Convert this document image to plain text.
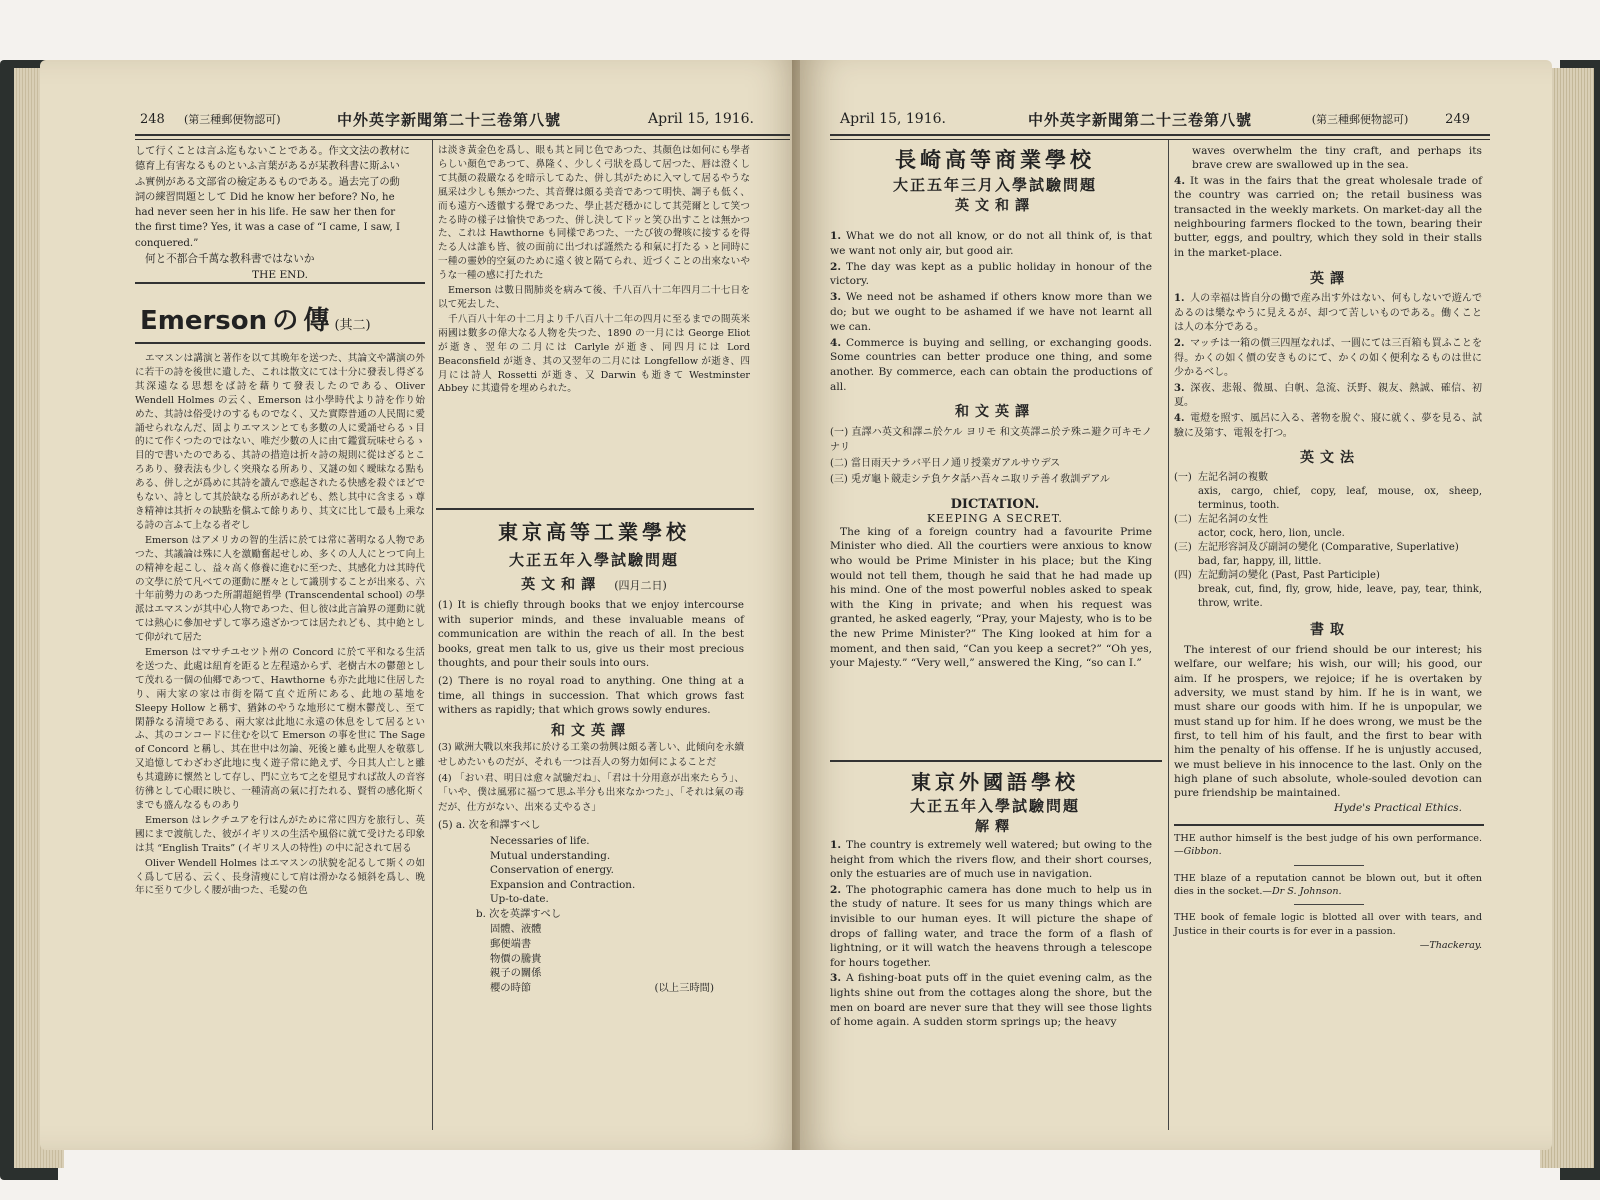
248	(第三種郵便物認可)	中外英字新聞第二十三卷第八號	April 15, 1916.

して行くことは言ふ迄もないことである。作文文法の教材に
德育上有害なるものといふ言葉があるが某教科書に斯ふい
ふ實例がある文部省の檢定あるものである。過去完了の動
詞の練習問題として Did he know her before? No, he
had never seen her in his life. He saw her then for
the first time? Yes, it was a case of “I came, I saw, I
conquered.”

何と不都合千萬な教科書ではないか

THE END.

Emerson の 傳 (其二)

エマスンは講演と著作を以て其晩年を送つた、其論文や講演の外に若干の詩を後世に遺した、これは散文にては十分に發表し得ざる其深遠なる思想をば詩を藉りて發表したのである、Oliver Wendell Holmes の云く、Emerson は小學時代より詩を作り始めた、其詩は俗受けのするものでなく、又た實際普通の人民間に愛誦せられなんだ、固よりエマスンとても多數の人に愛誦せらるゝ目的にて作くつたのではない、唯だ少數の人に由て鑑賞玩味せらるゝ目的で書いたのである、其詩の措造は折々詩の規則に從はざるところあり、發表法も少しく突飛なる所あり、又謎の如く曖昧なる點もある、併し之が爲めに其詩を讀んで惑起されたる快感を殺ぐほどでもない、詩として其於缺なる所があれども、然し其中に含まるゝ尊き精神は其折々の缺點を償ふて餘りあり、其文に比して最も上乘なる詩の言ふて上なる者ぞし

Emerson はアメリカの智的生活に於ては常に著明なる人物であつた、其議論は殊に人を激勵奮起せしめ、多くの人人にとつて向上の精神を起こし、益々高く修養に進むに至つた、其感化力は其時代の文學に於て凡べての運動に歷々として識別することが出來る、六十年前勢力のあつた所謂超絕哲學 (Transcendental school) の學派はエマスンが其中心人物であつた、但し彼は此言論界の運動に就ては熱心に參加せずして寧ろ遠ざかつては居たれども、其中絶として仰がれて居た

Emerson はマサチユセツト州の Concord に於て平和なる生活を送つた、此處は紐育を距ると左程遠からず、老樹古木の鬱憩として茂れる一個の仙郷であつて、Hawthorne も亦た此地に住居したり、兩大家の家は市街を隔て直ぐ近所にある、此地の墓地を Sleepy Hollow と稱す、猶鉢のやうな地形にて樹木鬱茂し、至て閑靜なる清境である、兩大家は此地に永遠の休息をして居るといふ、其のコンコードに住むを以て Emerson の事を世に The Sage of Concord と稱し、其在世中は勿論、死後と雖も此聖人を敬慕し又追憶してわざわざ此地に曳く遊子常に絶えず、今日其人亡しと雖も其遺跡に懷然として存し、門に立ちて之を望見すれば故人の音容彷彿として心眼に映じ、一種清高の氣に打たれる、賢哲の感化斯くまでも盛んなるものあり

Emerson はレクチユアを行はんがために常に四方を旅行し、英國にまで渡航した、彼がイギリスの生活や風俗に就て受けたる印象は其 “English Traits” (イギリス人の特性) の中に記されて居る

Oliver Wendell Holmes はエマスンの狀貌を記るして斯くの如く爲して居る、云く、長身清瘦にして肩は滑かなる傾斜を爲し、晚年に至りて少しく腰が曲つた、毛髮の色

は淡き黃金色を爲し、眼も其と同じ色であつた、其顏色は如何にも學者らしい顏色であつて、鼻隆く、少しく弓狀を爲して居つた、唇は澄くして其顏の殺嚴なるを暗示してゐた、併し其がために入マして居るやうな風采は少しも無かつた、其音聲は頗る美音であつて明快、調子も低く、而も遠方へ透徹する聲であつた、學止甚だ穩かにして其莞爾として笑つたる時の樣子は愉快であつた、併し決してドッと笑ひ出すことは無かつた、これは Hawthorne も同樣であつた、一たび彼の聲咳に接するを得たる人は誰も皆、彼の面前に出づれば謹然たる和氣に打たるゝと同時に一種の靈妙的空氣のために遠く彼と隔てられ、近づくことの出來ないやうな一種の感に打たれた

Emerson は數日間肺炎を病みて後、千八百八十二年四月二十七日を以て死去した、

千八百八十年の十二月より千八百八十二年の四月に至るまでの間英米兩國は數多の偉大なる人物を失つた、1890 の一月には George Eliot が逝き、翌年の二月には Carlyle が逝き、同四月には Lord Beaconsfield が逝き、其の又翌年の二月には Longfellow が逝き、四月には詩人 Rossetti が逝き、又 Darwin も逝きて Westminster Abbey に其遺骨を埋められた。

東京高等工業學校
大正五年入學試驗問題
英文和譯 (四月二日)

(1) It is chiefly through books that we enjoy intercourse with superior minds, and these invaluable means of communication are within the reach of all. In the best books, great men talk to us, give us their most precious thoughts, and pour their souls into ours.

(2) There is no royal road to anything. One thing at a time, all things in succession. That which grows fast withers as rapidly; that which grows sowly endures.

和文英譯

(3) 歐洲大戰以來我邦に於ける工業の勃興は頗る著しい、此傾向を永續せしめたいものだが、それも一つは吾人の努力如何によることだ

(4) 「おい君、明日は愈々試驗だね」、「君は十分用意が出來たらう」、「いや、僕は風邪に福つて思ふ半分も出來なかつた」、「それは氣の毒だが、仕方がない、出來る丈やるさ」

(5) a. 次を和譯すべし

Necessaries of life.
Mutual understanding.
Conservation of energy.
Expansion and Contraction.
Up-to-date.

b. 次を英譯すべし

固體、液體
郵便端書
物價の騰貴
親子の關係
櫻の時節	(以上三時間)
April 15, 1916.	中外英字新聞第二十三卷第八號	(第三種郵便物認可)	249
長崎高等商業學校
大正五年三月入學試驗問題
英文和譯
1. What we do not all know, or do not all think of, is that we want not only air, but good air.
2. The day was kept as a public holiday in honour of the victory.
3. We need not be ashamed if others know more than we do; but we ought to be ashamed if we have not learnt all we can.
4. Commerce is buying and selling, or exchanging goods. Some countries can better produce one thing, and some another. By commerce, each can obtain the productions of all.
和文英譯

(一) 直譯ハ英文和譯ニ於ケル ヨリモ 和文英譯ニ於テ殊ニ避ク可キモノナリ

(二) 當日雨天ナラバ平日ノ通リ授業ガアルサウデス

(三) 兎ガ龜ト競走シテ負ケタ話ハ吾々ニ取リテ善イ敎訓デアル

DICTATION.
KEEPING A SECRET.

The king of a foreign country had a favourite Prime Minister who died. All the courtiers were anxious to know who would be Prime Minister in his place; but the King would not tell them, though he said that he had made up his mind. One of the most powerful nobles asked to speak with the King in private; and when his request was granted, he asked eagerly, “Pray, your Majesty, who is to be the new Prime Minister?” The King looked at him for a moment, and then said, “Can you keep a secret?” “Oh yes, your Majesty.” “Very well,” answered the King, “so can I.”

東京外國語學校
大正五年入學試驗問題
解釋
1. The country is extremely well watered; but owing to the height from which the rivers flow, and their short courses, only the estuaries are of much use in navigation.
2. The photographic camera has done much to help us in the study of nature. It sees for us many things which are invisible to our human eyes. It will picture the shape of drops of falling water, and trace the form of a flash of lightning, or it will watch the heavens through a telescope for hours together.
3. A fishing-boat puts off in the quiet evening calm, as the lights shine out from the cottages along the shore, but the men on board are never sure that they will see those lights of home again. A sudden storm springs up; the heavy

waves overwhelm the tiny craft, and perhaps its brave crew are swallowed up in the sea.

4. It was in the fairs that the great wholesale trade of the country was carried on; the retail business was transacted in the weekly markets. On market-day all the neighbouring farmers flocked to the town, bearing their butter, eggs, and poultry, which they sold in their stalls in the market-place.
英譯
1. 人の幸福は皆自分の働で産み出す外はない、何もしないで遊んでゐるのは樂なやうに見えるが、却つて苦しいものである。働くことは人の本分である。
2. マッチは一箱の價三四厘なれば、一圓にては三百箱も買ふことを得。かくの如く價の安きものにて、かくの如く便利なるものは世に少かるべし。
3. 深夜、悲報、微風、白帆、急流、沃野、親友、熱誠、確信、初夏。
4. 電燈を照す、風呂に入る、著物を脫ぐ、寢に就く、夢を見る、試驗に及第す、電報を打つ。
英文法
(一) 左記名詞の複數
axis, cargo, chief, copy, leaf, mouse, ox, sheep, terminus, tooth.
(二) 左記名詞の女性
actor, cock, hero, lion, uncle.
(三) 左記形容詞及び副詞の變化 (Comparative, Superlative)
bad, far, happy, ill, little.
(四) 左記動詞の變化 (Past, Past Participle)
break, cut, find, fly, grow, hide, leave, pay, tear, think, throw, write.
書取

The interest of our friend should be our interest; his welfare, our welfare; his wish, our will; his good, our aim. If he prospers, we rejoice; if he is overtaken by adversity, we must stand by him. If he is in want, we must share our goods with him. If he is unpopular, we must stand up for him. If he does wrong, we must be the first, to tell him of his fault, and the first to bear with him the penalty of his offense. If he is unjustly accused, we must believe in his innocence to the last. Only on the high plane of such absolute, whole-souled devotion can pure friendship be maintained.

Hyde's Practical Ethics.

THE author himself is the best judge of his own performance.—Gibbon.

THE blaze of a reputation cannot be blown out, but it often dies in the socket.—Dr S. Johnson.

THE book of female logic is blotted all over with tears, and Justice in their courts is for ever in a passion.

—Thackeray.
